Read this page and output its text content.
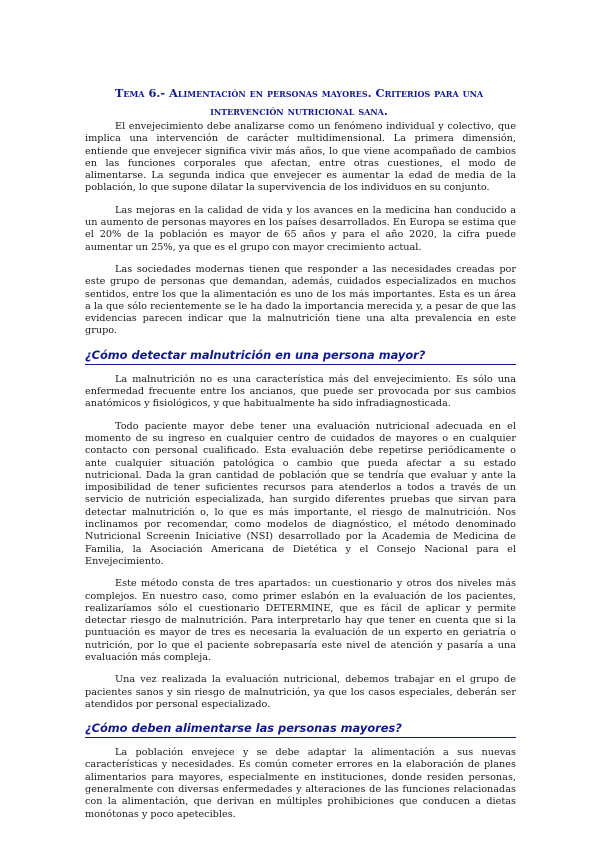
Tema 6.- Alimentación en personas mayores. Criterios para una intervención nutricional sana.

El envejecimiento debe analizarse como un fenómeno individual y colectivo, que implica una intervención de carácter multidimensional. La primera dimensión, entiende que envejecer significa vivir más años, lo que viene acompañado de cambios en las funciones corporales que afectan, entre otras cuestiones, el modo de alimentarse. La segunda indica que envejecer es aumentar la edad de media de la población, lo que supone dilatar la supervivencia de los individuos en su conjunto.

Las mejoras en la calidad de vida y los avances en la medicina han conducido a un aumento de personas mayores en los países desarrollados. En Europa se estima que el 20% de la población es mayor de 65 años y para el año 2020, la cifra puede aumentar un 25%, ya que es el grupo con mayor crecimiento actual.

Las sociedades modernas tienen que responder a las necesidades creadas por este grupo de personas que demandan, además, cuidados especializados en muchos sentidos, entre los que la alimentación es uno de los más importantes. Esta es un área a la que sólo recientemente se le ha dado la importancia merecida y, a pesar de que las evidencias parecen indicar que la malnutrición tiene una alta prevalencia en este grupo.

¿Cómo detectar malnutrición en una persona mayor?

La malnutrición no es una característica más del envejecimiento. Es sólo una enfermedad frecuente entre los ancianos, que puede ser provocada por sus cambios anatómicos y fisiológicos, y que habitualmente ha sido infradiagnosticada.

Todo paciente mayor debe tener una evaluación nutricional adecuada en el momento de su ingreso en cualquier centro de cuidados de mayores o en cualquier contacto con personal cualificado. Esta evaluación debe repetirse periódicamente o ante cualquier situación patológica o cambio que pueda afectar a su estado nutricional. Dada la gran cantidad de población que se tendría que evaluar y ante la imposibilidad de tener suficientes recursos para atenderlos a todos a través de un servicio de nutrición especializada, han surgido diferentes pruebas que sirvan para detectar malnutrición o, lo que es más importante, el riesgo de malnutrición. Nos inclinamos por recomendar, como modelos de diagnóstico, el método denominado Nutricional Screenin Iniciative (NSI) desarrollado por la Academia de Medicina de Familia, la Asociación Americana de Dietética y el Consejo Nacional para el Envejecimiento.

Este método consta de tres apartados: un cuestionario y otros dos niveles más complejos. En nuestro caso, como primer eslabón en la evaluación de los pacientes, realizaríamos sólo el cuestionario DETERMINE, que es fácil de aplicar y permite detectar riesgo de malnutrición. Para interpretarlo hay que tener en cuenta que si la puntuación es mayor de tres es necesaria la evaluación de un experto en geriatría o nutrición, por lo que el paciente sobrepasaría este nivel de atención y pasaría a una evaluación más compleja.

Una vez realizada la evaluación nutricional, debemos trabajar en el grupo de pacientes sanos y sin riesgo de malnutrición, ya que los casos especiales, deberán ser atendidos por personal especializado.

¿Cómo deben alimentarse las personas mayores?

La población envejece y se debe adaptar la alimentación a sus nuevas características y necesidades. Es común cometer errores en la elaboración de planes alimentarios para mayores, especialmente en instituciones, donde residen personas, generalmente con diversas enfermedades y alteraciones de las funciones relacionadas con la alimentación, que derivan en múltiples prohibiciones que conducen a dietas monótonas y poco apetecibles.
